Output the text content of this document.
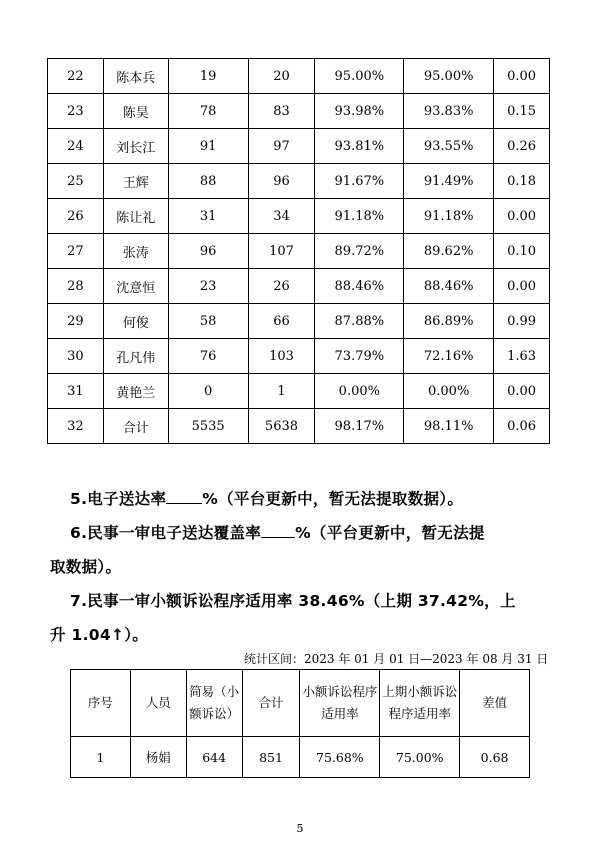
22	陈本兵	19	20	95.00%	95.00%	0.00
23	陈昊	78	83	93.98%	93.83%	0.15
24	刘长江	91	97	93.81%	93.55%	0.26
25	王辉	88	96	91.67%	91.49%	0.18
26	陈让礼	31	34	91.18%	91.18%	0.00
27	张涛	96	107	89.72%	89.62%	0.10
28	沈意恒	23	26	88.46%	88.46%	0.00
29	何俊	58	66	87.88%	86.89%	0.99
30	孔凡伟	76	103	73.79%	72.16%	1.63
31	黄艳兰	0	1	0.00%	0.00%	0.00
32	合计	5535	5638	98.17%	98.11%	0.06
5.电子送达率 %（平台更新中，暂无法提取数据）。
6.民事一审电子送达覆盖率 %（平台更新中，暂无法提
取数据）。
7.民事一审小额诉讼程序适用率 38.46%（上期 37.42%，上
升 1.04↑）。
统计区间：2023 年 01 月 01 日—2023 年 08 月 31 日
序号	人员	简易（小额诉讼）	合计	小额诉讼程序适用率	上期小额诉讼程序适用率	差值
1	杨娟	644	851	75.68%	75.00%	0.68
5
